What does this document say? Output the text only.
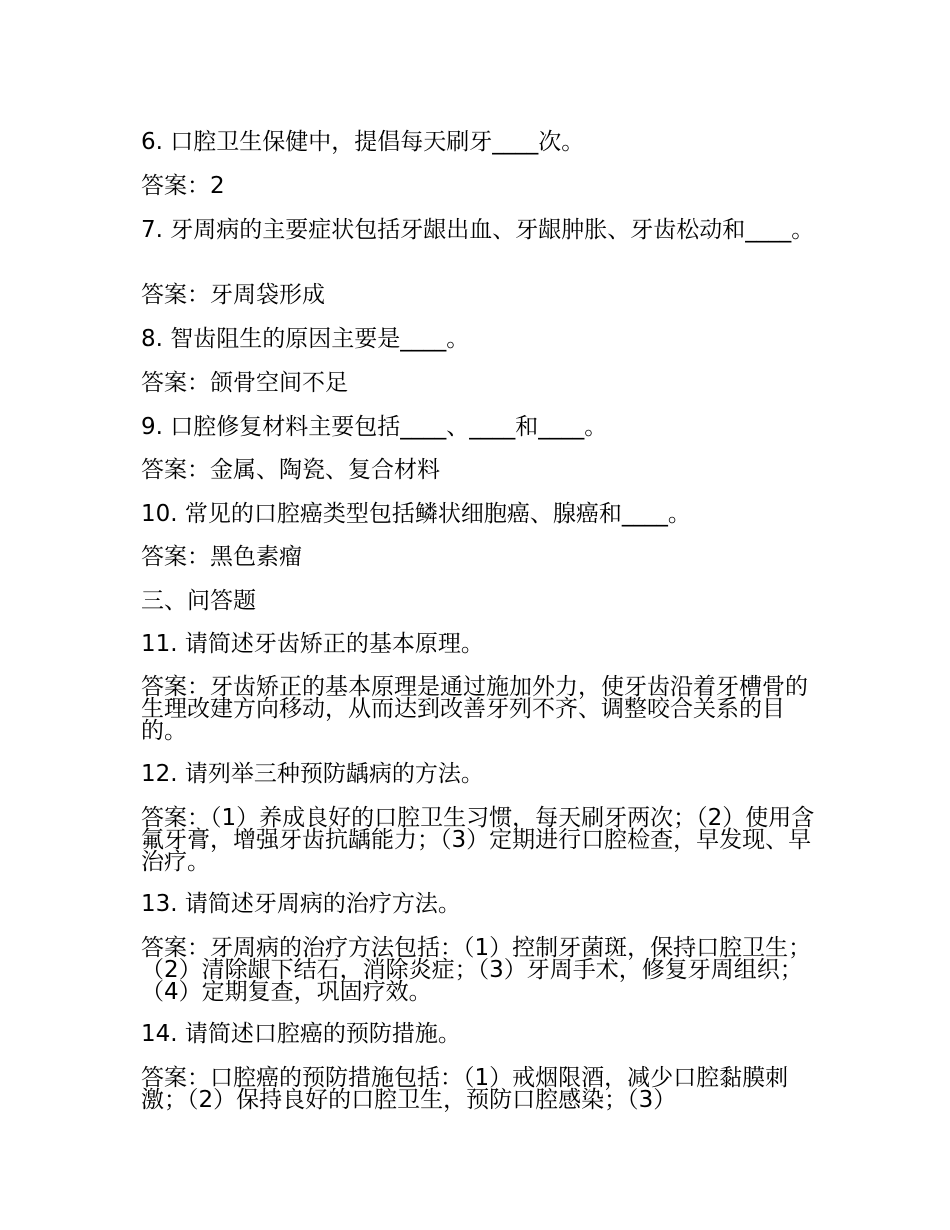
6. 口腔卫生保健中，提倡每天刷牙____次。
答案：2
7. 牙周病的主要症状包括牙龈出血、牙龈肿胀、牙齿松动和____。
答案：牙周袋形成
8. 智齿阻生的原因主要是____。
答案：颌骨空间不足
9. 口腔修复材料主要包括____、____和____。
答案：金属、陶瓷、复合材料
10. 常见的口腔癌类型包括鳞状细胞癌、腺癌和____。
答案：黑色素瘤
三、问答题
11. 请简述牙齿矫正的基本原理。
答案：牙齿矫正的基本原理是通过施加外力，使牙齿沿着牙槽骨的生理改建方向移动，从而达到改善牙列不齐、调整咬合关系的目的。
12. 请列举三种预防龋病的方法。
答案：（1）养成良好的口腔卫生习惯，每天刷牙两次；（2）使用含氟牙膏，增强牙齿抗龋能力；（3）定期进行口腔检查，早发现、早治疗。
13. 请简述牙周病的治疗方法。
答案：牙周病的治疗方法包括：（1）控制牙菌斑，保持口腔卫生；（2）清除龈下结石，消除炎症；（3）牙周手术，修复牙周组织；（4）定期复查，巩固疗效。
14. 请简述口腔癌的预防措施。
答案：口腔癌的预防措施包括：（1）戒烟限酒，减少口腔黏膜刺激；（2）保持良好的口腔卫生，预防口腔感染；（3）
